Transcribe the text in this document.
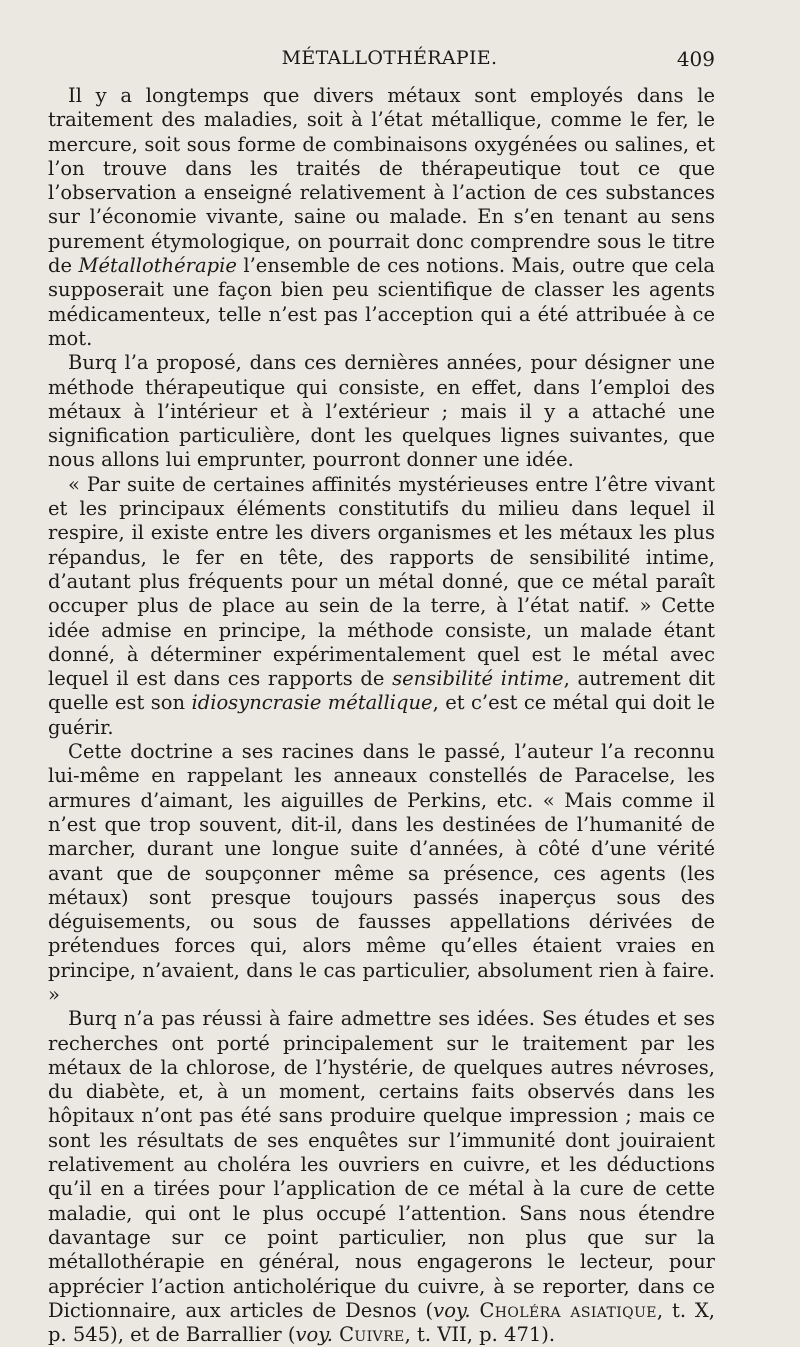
MÉTALLOTHÉRAPIE.	409

Il y a longtemps que divers métaux sont employés dans le traitement des maladies, soit à l’état métallique, comme le fer, le mercure, soit sous forme de combinaisons oxygénées ou salines, et l’on trouve dans les traités de thérapeutique tout ce que l’observation a enseigné relativement à l’action de ces substances sur l’économie vivante, saine ou malade. En s’en tenant au sens purement étymologique, on pourrait donc comprendre sous le titre de Métallothérapie l’ensemble de ces notions. Mais, outre que cela supposerait une façon bien peu scientifique de classer les agents médicamenteux, telle n’est pas l’acception qui a été attribuée à ce mot.

Burq l’a proposé, dans ces dernières années, pour désigner une méthode thérapeutique qui consiste, en effet, dans l’emploi des métaux à l’intérieur et à l’extérieur ; mais il y a attaché une signification particulière, dont les quelques lignes suivantes, que nous allons lui emprunter, pourront donner une idée.

« Par suite de certaines affinités mystérieuses entre l’être vivant et les principaux éléments constitutifs du milieu dans lequel il respire, il existe entre les divers organismes et les métaux les plus répandus, le fer en tête, des rapports de sensibilité intime, d’autant plus fréquents pour un métal donné, que ce métal paraît occuper plus de place au sein de la terre, à l’état natif. » Cette idée admise en principe, la méthode consiste, un malade étant donné, à déterminer expérimentalement quel est le métal avec lequel il est dans ces rapports de sensibilité intime, autrement dit quelle est son idiosyncrasie métallique, et c’est ce métal qui doit le guérir.

Cette doctrine a ses racines dans le passé, l’auteur l’a reconnu lui-même en rappelant les anneaux constellés de Paracelse, les armures d’aimant, les aiguilles de Perkins, etc. « Mais comme il n’est que trop souvent, dit-il, dans les destinées de l’humanité de marcher, durant une longue suite d’années, à côté d’une vérité avant que de soupçonner même sa présence, ces agents (les métaux) sont presque toujours passés inaperçus sous des déguisements, ou sous de fausses appellations dérivées de prétendues forces qui, alors même qu’elles étaient vraies en principe, n’avaient, dans le cas particulier, absolument rien à faire. »

Burq n’a pas réussi à faire admettre ses idées. Ses études et ses recherches ont porté principalement sur le traitement par les métaux de la chlorose, de l’hystérie, de quelques autres névroses, du diabète, et, à un moment, certains faits observés dans les hôpitaux n’ont pas été sans produire quelque impression ; mais ce sont les résultats de ses enquêtes sur l’immunité dont jouiraient relativement au choléra les ouvriers en cuivre, et les déductions qu’il en a tirées pour l’application de ce métal à la cure de cette maladie, qui ont le plus occupé l’attention. Sans nous étendre davantage sur ce point particulier, non plus que sur la métallothérapie en général, nous engagerons le lecteur, pour apprécier l’action anticholérique du cuivre, à se reporter, dans ce Dictionnaire, aux articles de Desnos (voy. Choléra asiatique, t. X, p. 545), et de Barrallier (voy. Cuivre, t. VII, p. 471).
